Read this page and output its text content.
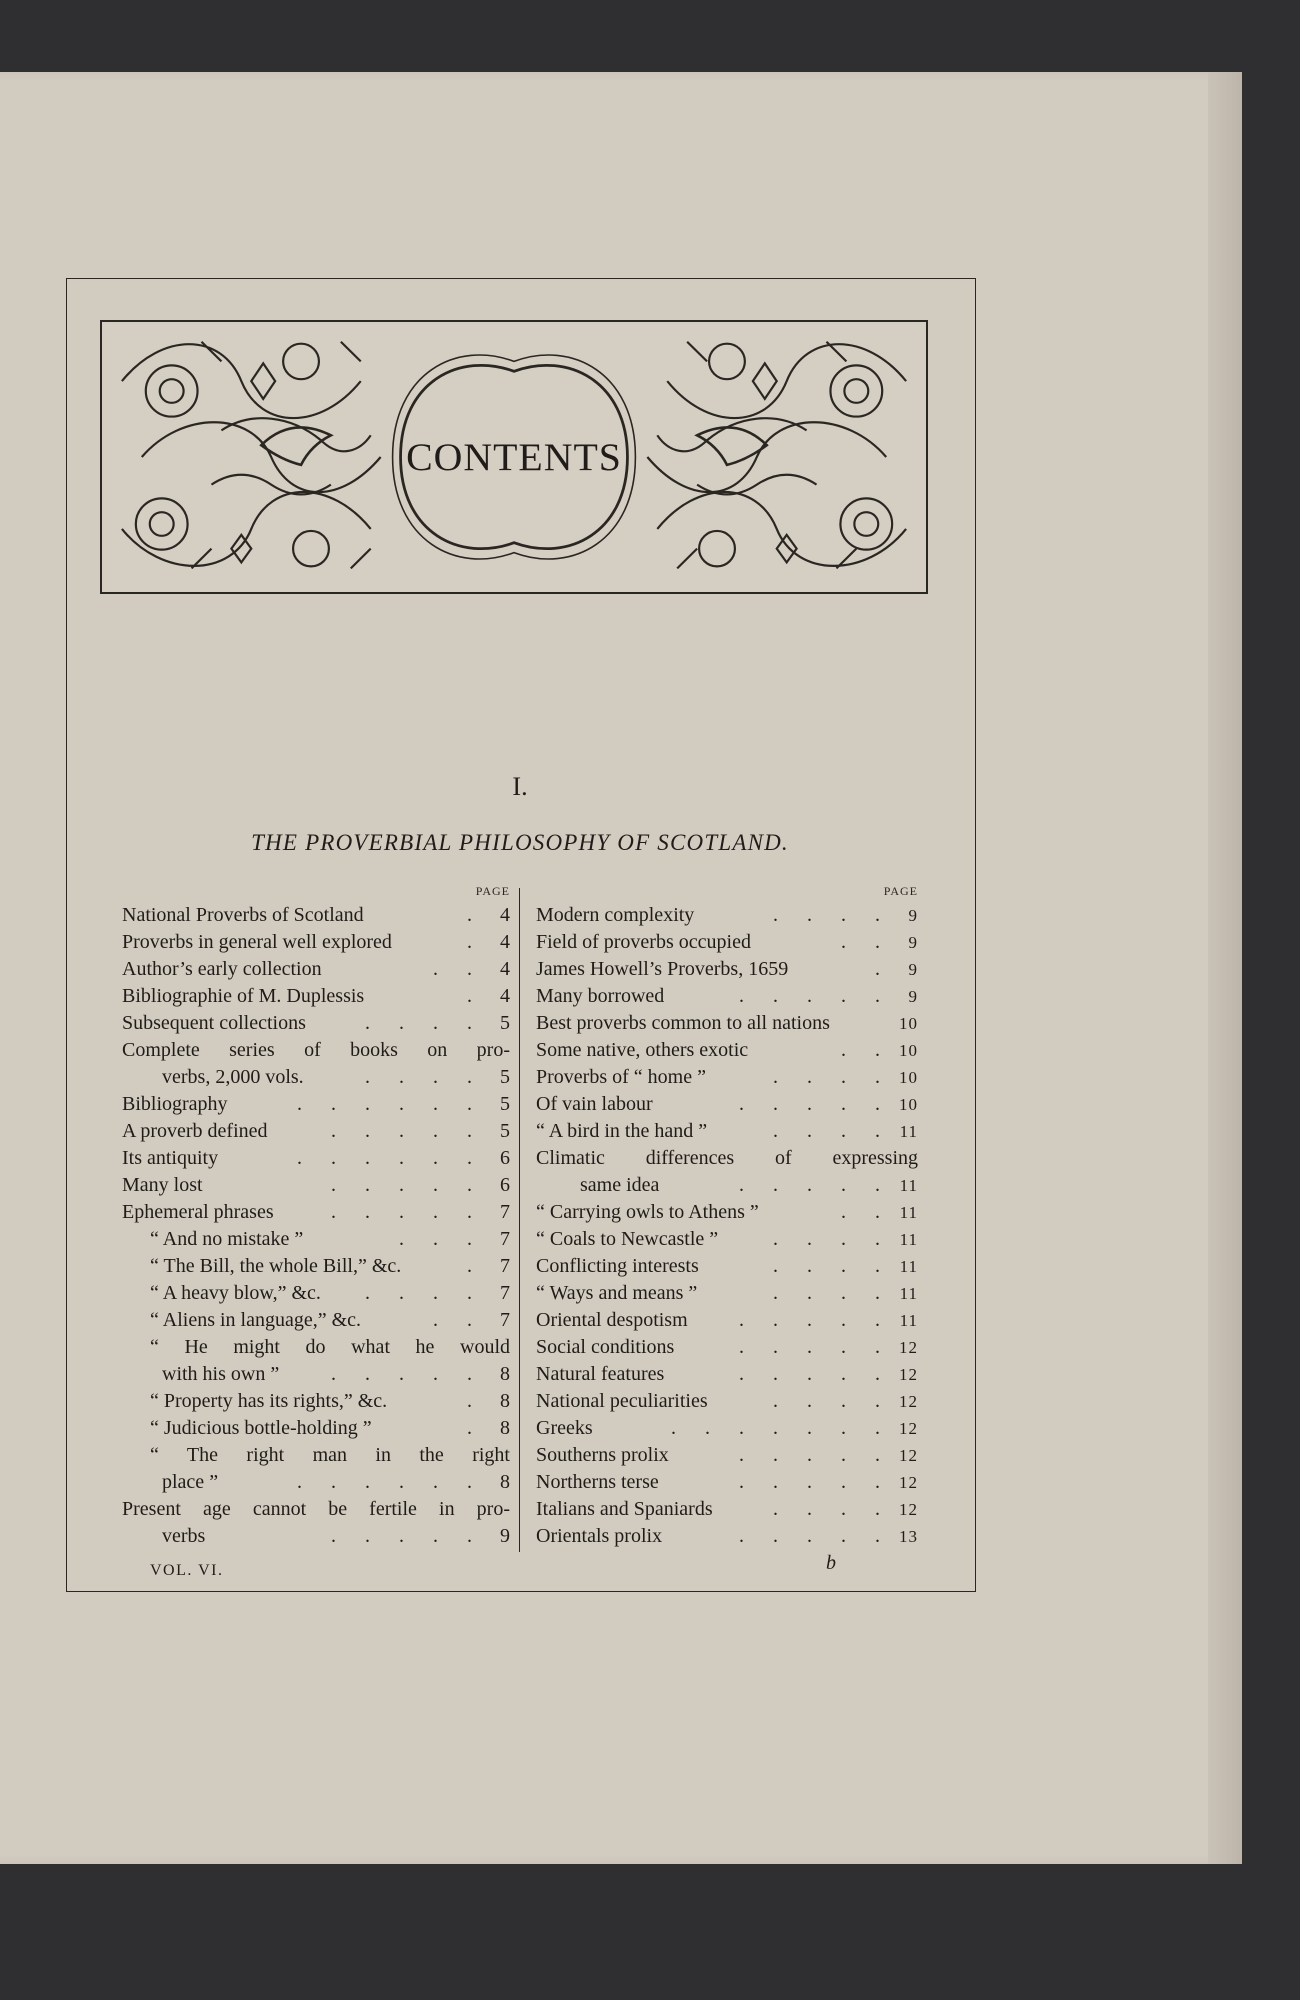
CONTENTS
I.
THE PROVERBIAL PHILOSOPHY OF SCOTLAND.
PAGE
National Proverbs of Scotland	. 4
Proverbs in general well explored	. 4
Author’s early collection	. . 4
Bibliographie of M. Duplessis	. 4
Subsequent collections	. . . . 5
Complete series of books on pro-
verbs, 2,000 vols.	. . . . 5
Bibliography	. . . . . . 5
A proverb defined	. . . . . 5
Its antiquity	. . . . . . 6
Many lost	. . . . . 6
Ephemeral phrases	. . . . . 7
“ And no mistake ”	. . . 7
“ The Bill, the whole Bill,” &c.	. 7
“ A heavy blow,” &c. . . . . 7
“ Aliens in language,” &c.	. . 7
“ He might do what he would
with his own ”	. . . . . 8
“ Property has its rights,” &c.	. 8
“ Judicious bottle-holding ”	. 8
“ The right man in the right
place ”	. . . . . . 8
Present age cannot be fertile in pro-
verbs	. . . . . 9
PAGE
Modern complexity	. . . . 9
Field of proverbs occupied	. . 9
James Howell’s Proverbs, 1659	. 9
Many borrowed	. . . . . 9
Best proverbs common to all nations	10
Some native, others exotic	. . 10
Proverbs of “ home ”	. . . . 10
Of vain labour	. . . . . 10
“ A bird in the hand ”	. . . . 11
Climatic differences of expressing
same idea	. . . . . 11
“ Carrying owls to Athens ”	. . 11
“ Coals to Newcastle ”	. . . . 11
Conflicting interests	. . . . 11
“ Ways and means ”	. . . . 11
Oriental despotism	. . . . . 11
Social conditions	. . . . . 12
Natural features	. . . . . 12
National peculiarities	. . . . 12
Greeks	. . . . . . . 12
Southerns prolix	. . . . . 12
Northerns terse	. . . . . 12
Italians and Spaniards	. . . . 12
Orientals prolix	. . . . . 13
VOL. VI.	b
